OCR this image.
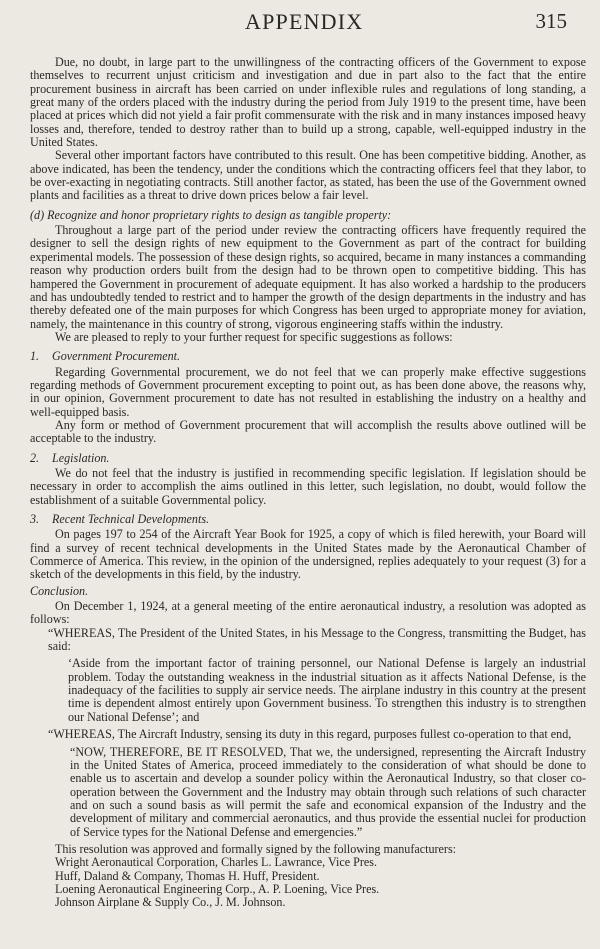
APPENDIX	315

Due, no doubt, in large part to the unwillingness of the contracting officers of the Government to expose themselves to recurrent unjust criticism and investigation and due in part also to the fact that the entire procurement business in aircraft has been carried on under inflexible rules and regulations of long standing, a great many of the orders placed with the industry during the period from July 1919 to the present time, have been placed at prices which did not yield a fair profit commensurate with the risk and in many instances imposed heavy losses and, therefore, tended to destroy rather than to build up a strong, capable, well-equipped industry in the United States.

Several other important factors have contributed to this result. One has been competitive bidding. Another, as above indicated, has been the tendency, under the conditions which the contracting officers feel that they labor, to be over-exacting in negotiating contracts. Still another factor, as stated, has been the use of the Government owned plants and facilities as a threat to drive down prices below a fair level.

(d) Recognize and honor proprietary rights to design as tangible property:

Throughout a large part of the period under review the contracting officers have frequently required the designer to sell the design rights of new equipment to the Government as part of the contract for building experimental models. The possession of these design rights, so acquired, became in many instances a commanding reason why production orders built from the design had to be thrown open to competitive bidding. This has hampered the Government in procurement of adequate equipment. It has also worked a hardship to the producers and has undoubtedly tended to restrict and to hamper the growth of the design departments in the industry and has thereby defeated one of the main purposes for which Congress has been urged to appropriate money for aviation, namely, the maintenance in this country of strong, vigorous engineering staffs within the industry.

We are pleased to reply to your further request for specific suggestions as follows:

1. Government Procurement.

Regarding Governmental procurement, we do not feel that we can properly make effective suggestions regarding methods of Government procurement excepting to point out, as has been done above, the reasons why, in our opinion, Government procurement to date has not resulted in establishing the industry on a healthy and well-equipped basis.

Any form or method of Government procurement that will accomplish the results above outlined will be acceptable to the industry.

2. Legislation.

We do not feel that the industry is justified in recommending specific legislation. If legislation should be necessary in order to accomplish the aims outlined in this letter, such legislation, no doubt, would follow the establishment of a suitable Governmental policy.

3. Recent Technical Developments.

On pages 197 to 254 of the Aircraft Year Book for 1925, a copy of which is filed herewith, your Board will find a survey of recent technical developments in the United States made by the Aeronautical Chamber of Commerce of America. This review, in the opinion of the undersigned, replies adequately to your request (3) for a sketch of the developments in this field, by the industry.

Conclusion.

On December 1, 1924, at a general meeting of the entire aeronautical industry, a resolution was adopted as follows:

“WHEREAS, The President of the United States, in his Message to the Congress, transmitting the Budget, has said:

‘Aside from the important factor of training personnel, our National Defense is largely an industrial problem. Today the outstanding weakness in the industrial situation as it affects National Defense, is the inadequacy of the facilities to supply air service needs. The airplane industry in this country at the present time is dependent almost entirely upon Government business. To strengthen this industry is to strengthen our National Defense’; and

“WHEREAS, The Aircraft Industry, sensing its duty in this regard, purposes fullest co-operation to that end,

“NOW, THEREFORE, BE IT RESOLVED, That we, the undersigned, representing the Aircraft Industry in the United States of America, proceed immediately to the consideration of what should be done to enable us to ascertain and develop a sounder policy within the Aeronautical Industry, so that closer co-operation between the Government and the Industry may obtain through such relations of such character and on such a sound basis as will permit the safe and economical expansion of the Industry and the development of military and commercial aeronautics, and thus provide the essential nuclei for production of Service types for the National Defense and emergencies.”

This resolution was approved and formally signed by the following manufacturers:

Wright Aeronautical Corporation, Charles L. Lawrance, Vice Pres.
Huff, Daland & Company, Thomas H. Huff, President.
Loening Aeronautical Engineering Corp., A. P. Loening, Vice Pres.
Johnson Airplane & Supply Co., J. M. Johnson.
